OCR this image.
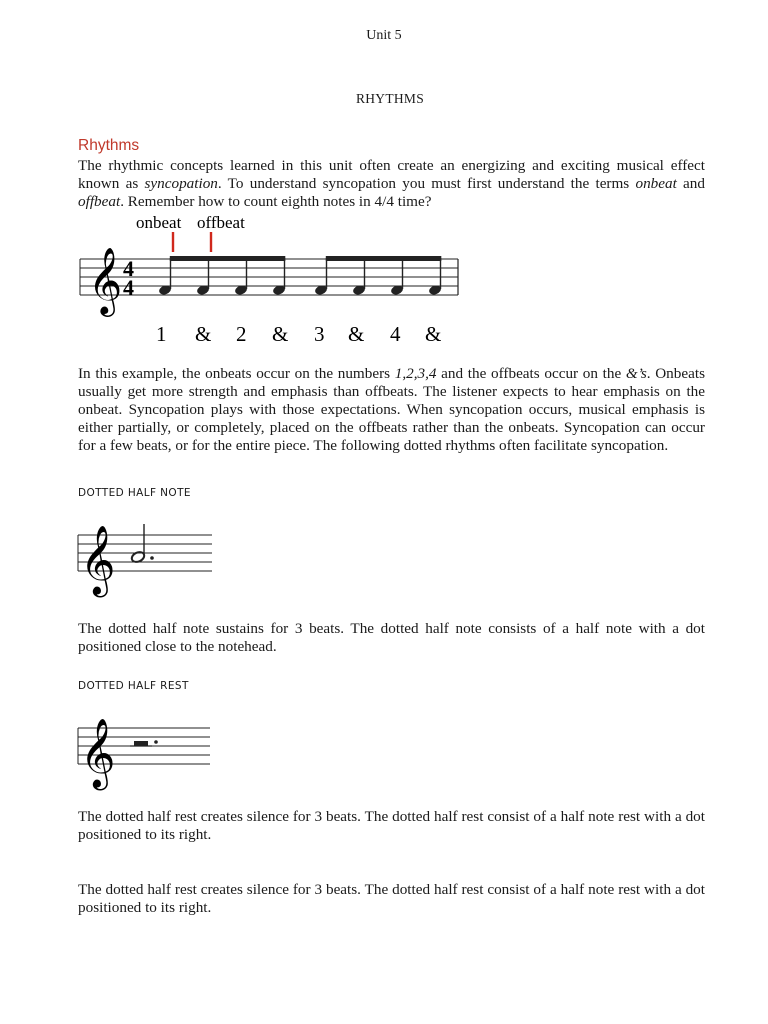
Unit 5
RHYTHMS
Rhythms
The rhythmic concepts learned in this unit often create an energizing and exciting musical effect known as syncopation. To understand syncopation you must first understand the terms onbeat and offbeat. Remember how to count eighth notes in 4/4 time?
onbeat offbeat
𝄞 4
4
1 & 2 & 3 & 4 &
In this example, the onbeats occur on the numbers 1,2,3,4 and the offbeats occur on the &’s. Onbeats usually get more strength and emphasis than offbeats. The listener expects to hear emphasis on the onbeat. Syncopation plays with those expectations. When syncopation occurs, musical emphasis is either partially, or completely, placed on the offbeats rather than the onbeats. Syncopation can occur for a few beats, or for the entire piece. The following dotted rhythms often facilitate syncopation.
DOTTED HALF NOTE
𝄞
The dotted half note sustains for 3 beats. The dotted half note consists of a half note with a dot positioned close to the notehead.
DOTTED HALF REST
𝄞
The dotted half rest creates silence for 3 beats. The dotted half rest consist of a half note rest with a dot positioned to its right.
The dotted half rest creates silence for 3 beats. The dotted half rest consist of a half note rest with a dot positioned to its right.
